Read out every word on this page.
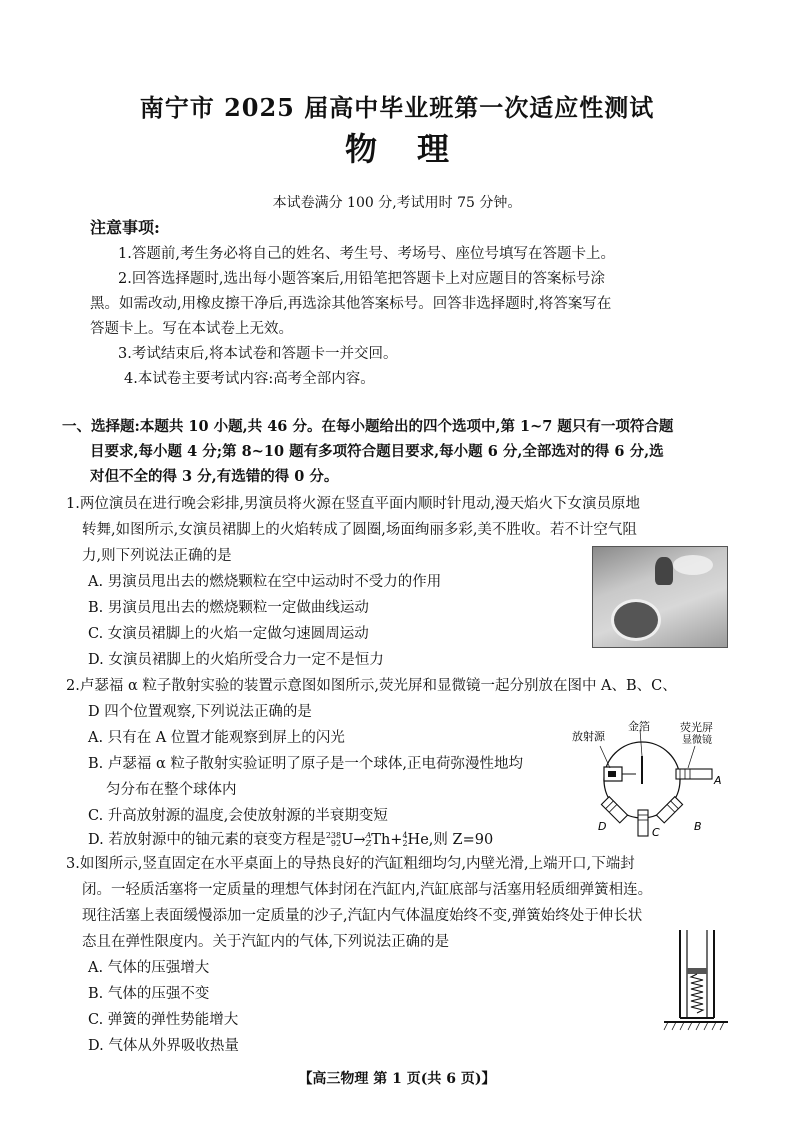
南宁市 2025 届高中毕业班第一次适应性测试
物理
本试卷满分 100 分,考试用时 75 分钟。
注意事项:
1.答题前,考生务必将自己的姓名、考生号、考场号、座位号填写在答题卡上。
2.回答选择题时,选出每小题答案后,用铅笔把答题卡上对应题目的答案标号涂
黑。如需改动,用橡皮擦干净后,再选涂其他答案标号。回答非选择题时,将答案写在
答题卡上。写在本试卷上无效。
3.考试结束后,将本试卷和答题卡一并交回。
4.本试卷主要考试内容:高考全部内容。
一、选择题:本题共 10 小题,共 46 分。在每小题给出的四个选项中,第 1~7 题只有一项符合题
目要求,每小题 4 分;第 8~10 题有多项符合题目要求,每小题 6 分,全部选对的得 6 分,选
对但不全的得 3 分,有选错的得 0 分。
1.两位演员在进行晚会彩排,男演员将火源在竖直平面内顺时针甩动,漫天焰火下女演员原地
转舞,如图所示,女演员裙脚上的火焰转成了圆圈,场面绚丽多彩,美不胜收。若不计空气阻
力,则下列说法正确的是
A. 男演员甩出去的燃烧颗粒在空中运动时不受力的作用
B. 男演员甩出去的燃烧颗粒一定做曲线运动
C. 女演员裙脚上的火焰一定做匀速圆周运动
D. 女演员裙脚上的火焰所受合力一定不是恒力
2.卢瑟福 α 粒子散射实验的装置示意图如图所示,荧光屏和显微镜一起分别放在图中 A、B、C、
D 四个位置观察,下列说法正确的是
A. 只有在 A 位置才能观察到屏上的闪光
B. 卢瑟福 α 粒子散射实验证明了原子是一个球体,正电荷弥漫性地均
匀分布在整个球体内
C. 升高放射源的温度,会使放射源的半衰期变短
D. 若放射源中的铀元素的衰变方程是 238
92 U→ A
Z Th+ 4
2 He,则 Z=90
放射源
金箔	荧光屏
显微镜
A
B
C
D
3.如图所示,竖直固定在水平桌面上的导热良好的汽缸粗细均匀,内壁光滑,上端开口,下端封
闭。一轻质活塞将一定质量的理想气体封闭在汽缸内,汽缸底部与活塞用轻质细弹簧相连。
现往活塞上表面缓慢添加一定质量的沙子,汽缸内气体温度始终不变,弹簧始终处于伸长状
态且在弹性限度内。关于汽缸内的气体,下列说法正确的是
A. 气体的压强增大
B. 气体的压强不变
C. 弹簧的弹性势能增大
D. 气体从外界吸收热量
【高三物理 第 1 页(共 6 页)】
